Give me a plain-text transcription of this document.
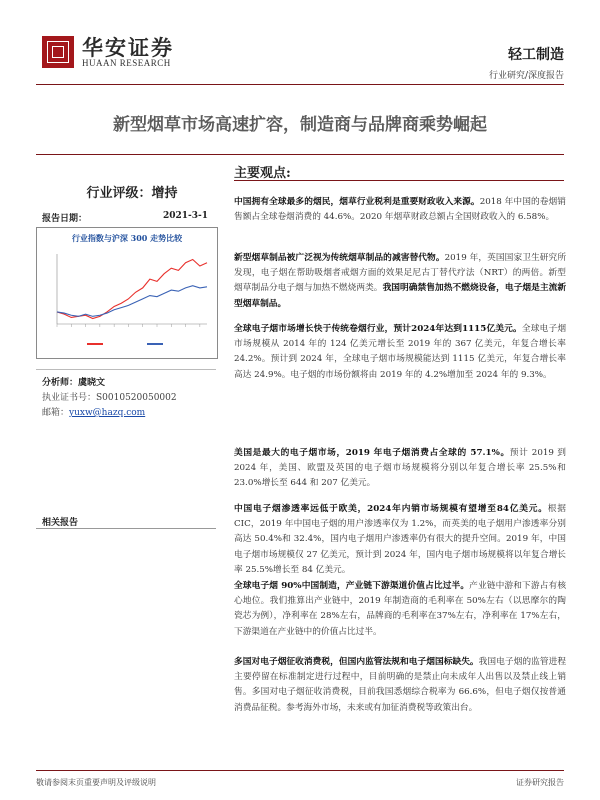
华安证券
HUAAN RESEARCH	轻工制造
行业研究/深度报告
新型烟草市场高速扩容，制造商与品牌商乘势崛起
行业评级：增持
报告日期：	2021-3-1
行业指数与沪深 300 走势比较
分析师：虞晓文
执业证书号：S0010520050002
邮箱：yuxw@hazq.com
相关报告
主要观点:
中国拥有全球最多的烟民，烟草行业税利是重要财政收入来源。2018 年中国的卷烟销售额占全球卷烟消费的 44.6%。2020 年烟草财政总额占全国财政收入的 6.58%。
新型烟草制品被广泛视为传统烟草制品的减害替代物。2019 年，英国国家卫生研究所发现，电子烟在帮助吸烟者戒烟方面的效果足尼古丁替代疗法（NRT）的两倍。新型烟草制品分电子烟与加热不燃烧两类。我国明确禁售加热不燃烧设备，电子烟是主流新型烟草制品。
全球电子烟市场增长快于传统卷烟行业，预计2024年达到1115亿美元。全球电子烟市场规模从 2014 年的 124 亿美元增长至 2019 年的 367 亿美元，年复合增长率 24.2%。预计到 2024 年，全球电子烟市场规模能达到 1115 亿美元，年复合增长率高达 24.9%。电子烟的市场份额将由 2019 年的 4.2%增加至 2024 年的 9.3%。
美国是最大的电子烟市场，2019 年电子烟消费占全球的 57.1%。预计 2019 到 2024 年，美国、欧盟及英国的电子烟市场规模将分别以年复合增长率 25.5%和 23.0%增长至 644 和 207 亿美元。
中国电子烟渗透率远低于欧美，2024年内销市场规模有望增至84亿美元。根据 CIC，2019 年中国电子烟的用户渗透率仅为 1.2%，而英美的电子烟用户渗透率分别高达 50.4%和 32.4%，国内电子烟用户渗透率仍有很大的提升空间。2019 年，中国电子烟市场规模仅 27 亿美元，预计到 2024 年，国内电子烟市场规模将以年复合增长率 25.5%增长至 84 亿美元。
全球电子烟 90%中国制造，产业链下游渠道价值占比过半。产业链中游和下游占有核心地位。我们推算出产业链中，2019 年制造商的毛利率在 50%左右（以思摩尔的陶瓷芯为例），净利率在 28%左右，品牌商的毛利率在37%左右，净利率在 17%左右，下游渠道在产业链中的价值占比过半。
多国对电子烟征收消费税，但国内监管法规和电子烟国标缺失。我国电子烟的监管进程主要停留在标准制定进行过程中，目前明确的是禁止向未成年人出售以及禁止线上销售。多国对电子烟征收消费税，目前我国悉烟综合税率为 66.6%，但电子烟仅按普通消费品征税。参考海外市场，未来或有加征消费税等政策出台。
敬请参阅末页重要声明及评级说明	证券研究报告
